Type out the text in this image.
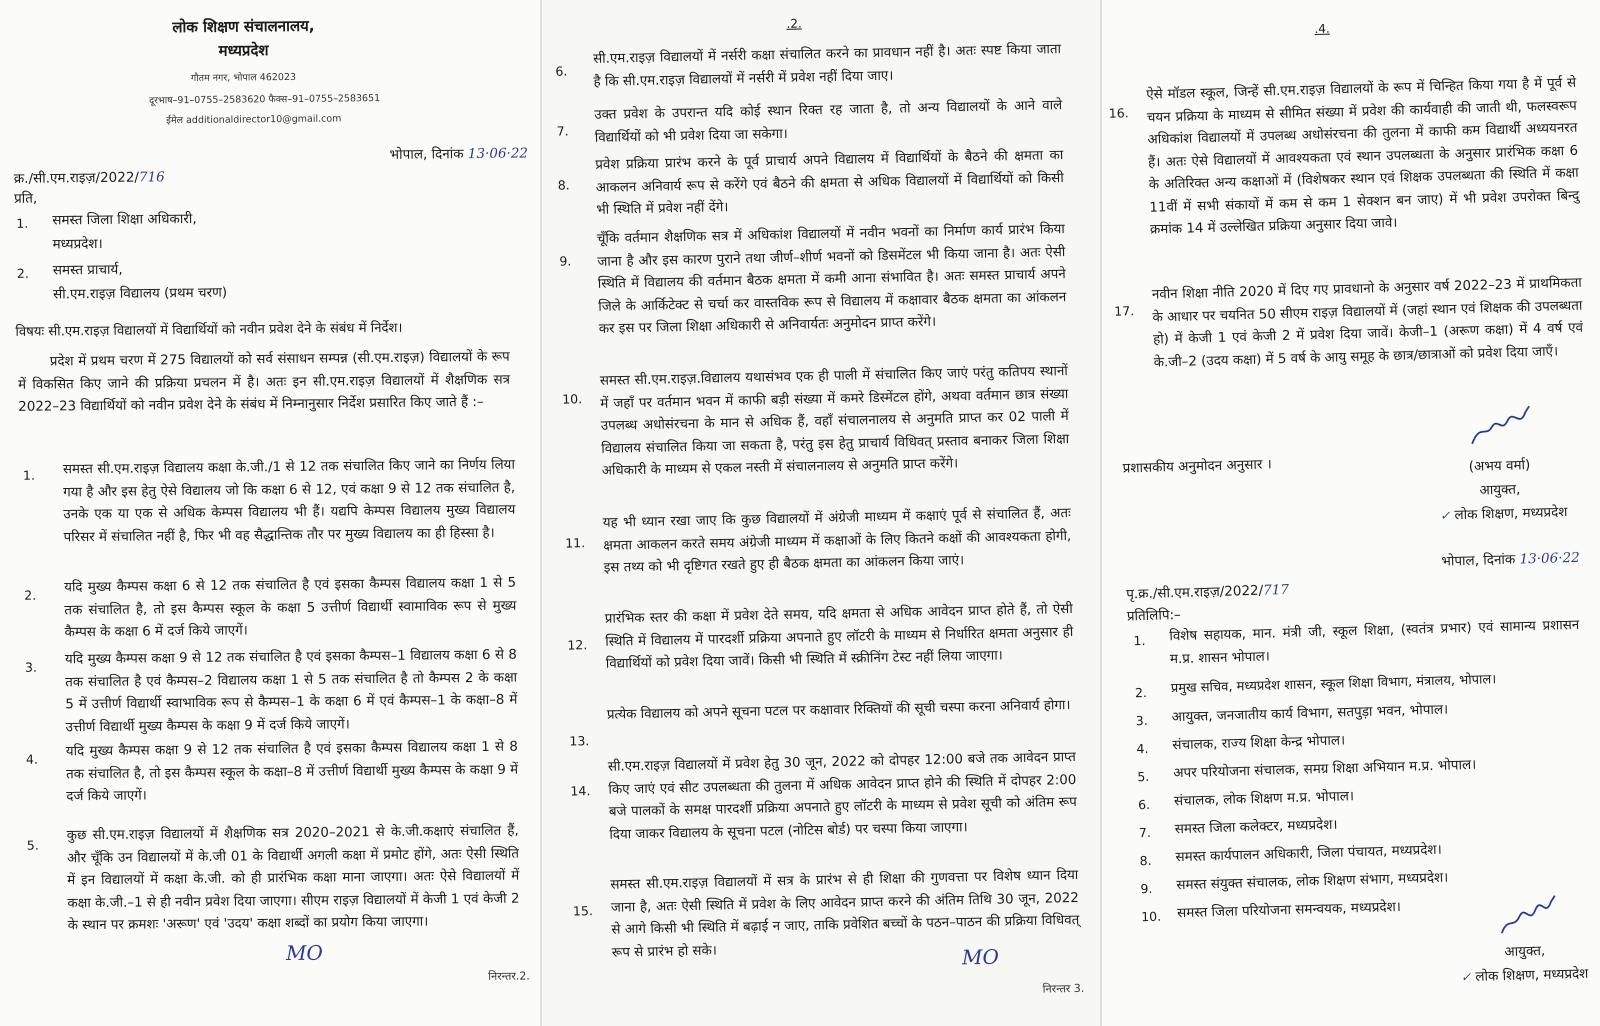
लोक शिक्षण संचालनालय,
मध्यप्रदेश
गौतम नगर, भोपाल 462023
दूरभाष–91–0755–2583620 फैक्स–91–0755–2583651
ईमेल additionaldirector10@gmail.com
भोपाल, दिनांक 13·06·22
क्र./सी.एम.राइज़/2022/716
प्रति,
1. समस्त जिला शिक्षा अधिकारी,
मध्यप्रदेश।
2. समस्त प्राचार्य,
सी.एम.राइज़ विद्यालय (प्रथम चरण)
विषयः सी.एम.राइज़ विद्यालयों में विद्यार्थियों को नवीन प्रवेश देने के संबंध में निर्देश।
प्रदेश में प्रथम चरण में 275 विद्यालयों को सर्व संसाधन सम्पन्न (सी.एम.राइज़) विद्यालयों के रूप में विकसित किए जाने की प्रक्रिया प्रचलन में है। अतः इन सी.एम.राइज़ विद्यालयों में शैक्षणिक सत्र 2022–23 विद्यार्थियों को नवीन प्रवेश देने के संबंध में निम्नानुसार निर्देश प्रसारित किए जाते हैं :–
1. समस्त सी.एम.राइज़ विद्यालय कक्षा के.जी./1 से 12 तक संचालित किए जाने का निर्णय लिया गया है और इस हेतु ऐसे विद्यालय जो कि कक्षा 6 से 12, एवं कक्षा 9 से 12 तक संचालित है, उनके एक या एक से अधिक केम्पस विद्यालय भी हैं। यद्यपि केम्पस विद्यालय मुख्य विद्यालय परिसर में संचालित नहीं है, फिर भी वह सैद्धान्तिक तौर पर मुख्य विद्यालय का ही हिस्सा है।
2. यदि मुख्य कैम्पस कक्षा 6 से 12 तक संचालित है एवं इसका कैम्पस विद्यालय कक्षा 1 से 5 तक संचालित है, तो इस कैम्पस स्कूल के कक्षा 5 उत्तीर्ण विद्यार्थी स्वामाविक रूप से मुख्य कैम्पस के कक्षा 6 में दर्ज किये जाएगें।
3. यदि मुख्य कैम्पस कक्षा 9 से 12 तक संचालित है एवं इसका कैम्पस–1 विद्यालय कक्षा 6 से 8 तक संचालित है एवं कैम्पस–2 विद्यालय कक्षा 1 से 5 तक संचालित है तो कैम्पस 2 के कक्षा 5 में उत्तीर्ण विद्यार्थी स्वाभाविक रूप से कैम्पस–1 के कक्षा 6 में एवं कैम्पस–1 के कक्षा–8 में उत्तीर्ण विद्यार्थी मुख्य कैम्पस के कक्षा 9 में दर्ज किये जाएगें।
4. यदि मुख्य कैम्पस कक्षा 9 से 12 तक संचालित है एवं इसका कैम्पस विद्यालय कक्षा 1 से 8 तक संचालित है, तो इस कैम्पस स्कूल के कक्षा–8 में उत्तीर्ण विद्यार्थी मुख्य कैम्पस के कक्षा 9 में दर्ज किये जाएगें।
5.
कुछ सी.एम.राइज़ विद्यालयों में शैक्षणिक सत्र 2020–2021 से के.जी.कक्षाएं संचालित हैं, और चूँकि उन विद्यालयों में के.जी 01 के विद्यार्थी अगली कक्षा में प्रमोट होंगे, अतः ऐसी स्थिति में इन विद्यालयों में कक्षा के.जी. को ही प्रारंभिक कक्षा माना जाएगा। अतः ऐसे विद्यालयों में कक्षा के.जी.–1 से ही नवीन प्रवेश दिया जाएगा। सीएम राइज़ विद्यालयों में केजी 1 एवं केजी 2 के स्थान पर क्रमशः 'अरूण' एवं 'उदय' कक्षा शब्दों का प्रयोग किया जाएगा।
MO
निरन्तर.2.
.2.
6.
सी.एम.राइज़ विद्यालयों में नर्सरी कक्षा संचालित करने का प्रावधान नहीं है। अतः स्पष्ट किया जाता है कि सी.एम.राइज़ विद्यालयों में नर्सरी में प्रवेश नहीं दिया जाए।
7.
उक्त प्रवेश के उपरान्त यदि कोई स्थान रिक्त रह जाता है, तो अन्य विद्यालयों के आने वाले विद्यार्थियों को भी प्रवेश दिया जा सकेगा।
8.
प्रवेश प्रक्रिया प्रारंभ करने के पूर्व प्राचार्य अपने विद्यालय में विद्यार्थियों के बैठने की क्षमता का आकलन अनिवार्य रूप से करेंगे एवं बैठने की क्षमता से अधिक विद्यालयों में विद्यार्थियों को किसी भी स्थिति में प्रवेश नहीं देंगे।
9.
चूँकि वर्तमान शैक्षणिक सत्र में अधिकांश विद्यालयों में नवीन भवनों का निर्माण कार्य प्रारंभ किया जाना है और इस कारण पुराने तथा जीर्ण–शीर्ण भवनों को डिसमेंटल भी किया जाना है। अतः ऐसी स्थिति में विद्यालय की वर्तमान बैठक क्षमता में कमी आना संभावित है। अतः समस्त प्राचार्य अपने जिले के आर्किटेक्ट से चर्चा कर वास्तविक रूप से विद्यालय में कक्षावार बैठक क्षमता का आंकलन कर इस पर जिला शिक्षा अधिकारी से अनिवार्यतः अनुमोदन प्राप्त करेंगे।
10.
समस्त सी.एम.राइज़.विद्यालय यथासंभव एक ही पाली में संचालित किए जाएं परंतु कतिपय स्थानों में जहाँ पर वर्तमान भवन में काफी बड़ी संख्या में कमरे डिस्मेंटल होंगे, अथवा वर्तमान छात्र संख्या उपलब्ध अधोसंरचना के मान से अधिक हैं, वहाँ संचालनालय से अनुमति प्राप्त कर 02 पाली में विद्यालय संचालित किया जा सकता है, परंतु इस हेतु प्राचार्य विधिवत् प्रस्ताव बनाकर जिला शिक्षा अधिकारी के माध्यम से एकल नस्ती में संचालनालय से अनुमति प्राप्त करेंगे।
11.
यह भी ध्यान रखा जाए कि कुछ विद्यालयों में अंग्रेजी माध्यम में कक्षाएं पूर्व से संचालित हैं, अतः क्षमता आकलन करते समय अंग्रेजी माध्यम में कक्षाओं के लिए कितने कक्षों की आवश्यकता होगी, इस तथ्य को भी दृष्टिगत रखते हुए ही बैठक क्षमता का आंकलन किया जाएं।
12.
प्रारंभिक स्तर की कक्षा में प्रवेश देते समय, यदि क्षमता से अधिक आवेदन प्राप्त होते हैं, तो ऐसी स्थिति में विद्यालय में पारदर्शी प्रक्रिया अपनाते हुए लॉटरी के माध्यम से निर्धारित क्षमता अनुसार ही विद्यार्थियों को प्रवेश दिया जावें। किसी भी स्थिति में स्क्रीनिंग टेस्ट नहीं लिया जाएगा।
13.
प्रत्येक विद्यालय को अपने सूचना पटल पर कक्षावार रिक्तियों की सूची चस्पा करना अनिवार्य होगा।
14.
सी.एम.राइज़ विद्यालयों में प्रवेश हेतु 30 जून, 2022 को दोपहर 12:00 बजे तक आवेदन प्राप्त किए जाएं एवं सीट उपलब्धता की तुलना में अधिक आवेदन प्राप्त होने की स्थिति में दोपहर 2:00 बजे पालकों के समक्ष पारदर्शी प्रक्रिया अपनाते हुए लॉटरी के माध्यम से प्रवेश सूची को अंतिम रूप दिया जाकर विद्यालय के सूचना पटल (नोटिस बोर्ड) पर चस्पा किया जाएगा।
15.
समस्त सी.एम.राइज़ विद्यालयों में सत्र के प्रारंभ से ही शिक्षा की गुणवत्ता पर विशेष ध्यान दिया जाना है, अतः ऐसी स्थिति में प्रवेश के लिए आवेदन प्राप्त करने की अंतिम तिथि 30 जून, 2022 से आगे किसी भी स्थिति में बढ़ाई न जाए, ताकि प्रवेशित बच्चों के पठन–पाठन की प्रक्रिया विधिवत् रूप से प्रारंभ हो सके।	MO
निरन्तर 3.
.4.
16.
ऐसे मॉडल स्कूल, जिन्हें सी.एम.राइज़ विद्यालयों के रूप में चिन्हित किया गया है में पूर्व से चयन प्रक्रिया के माध्यम से सीमित संख्या में प्रवेश की कार्यवाही की जाती थी, फलस्वरूप अधिकांश विद्यालयों में उपलब्ध अधोसंरचना की तुलना में काफी कम विद्यार्थी अध्ययनरत हैं। अतः ऐसे विद्यालयों में आवश्यकता एवं स्थान उपलब्धता के अनुसार प्रारंभिक कक्षा 6 के अतिरिक्त अन्य कक्षाओं में (विशेषकर स्थान एवं शिक्षक उपलब्धता की स्थिति में कक्षा 11वीं में सभी संकायों में कम से कम 1 सेक्शन बन जाए) में भी प्रवेश उपरोक्त बिन्दु क्रमांक 14 में उल्लेखित प्रक्रिया अनुसार दिया जावे।
17.
नवीन शिक्षा नीति 2020 में दिए गए प्रावधानो के अनुसार वर्ष 2022–23 में प्राथमिकता के आधार पर चयनित 50 सीएम राइज़ विद्यालयों में (जहां स्थान एवं शिक्षक की उपलब्धता हो) में केजी 1 एवं केजी 2 में प्रवेश दिया जावें। केजी–1 (अरूण कक्षा) में 4 वर्ष एवं के.जी–2 (उदय कक्षा) में 5 वर्ष के आयु समूह के छात्र/छात्राओं को प्रवेश दिया जाएँ।
प्रशासकीय अनुमोदन अनुसार ।	(अभय वर्मा)
आयुक्त,
✓ लोक शिक्षण, मध्यप्रदेश
भोपाल, दिनांक 13·06·22
पृ.क्र./सी.एम.राइज़/2022/717
प्रतिलिपि:–
1. विशेष सहायक, मान. मंत्री जी, स्कूल शिक्षा, (स्वतंत्र प्रभार) एवं सामान्य प्रशासन म.प्र. शासन भोपाल।
2. प्रमुख सचिव, मध्यप्रदेश शासन, स्कूल शिक्षा विभाग, मंत्रालय, भोपाल।
3. आयुक्त, जनजातीय कार्य विभाग, सतपुड़ा भवन, भोपाल।
4. संचालक, राज्य शिक्षा केन्द्र भोपाल।
5. अपर परियोजना संचालक, समग्र शिक्षा अभियान म.प्र. भोपाल।
6. संचालक, लोक शिक्षण म.प्र. भोपाल।
7. समस्त जिला कलेक्टर, मध्यप्रदेश।
8. समस्त कार्यपालन अधिकारी, जिला पंचायत, मध्यप्रदेश।
9. समस्त संयुक्त संचालक, लोक शिक्षण संभाग, मध्यप्रदेश।
10. समस्त जिला परियोजना समन्वयक, मध्यप्रदेश।
आयुक्त,
✓ लोक शिक्षण, मध्यप्रदेश
